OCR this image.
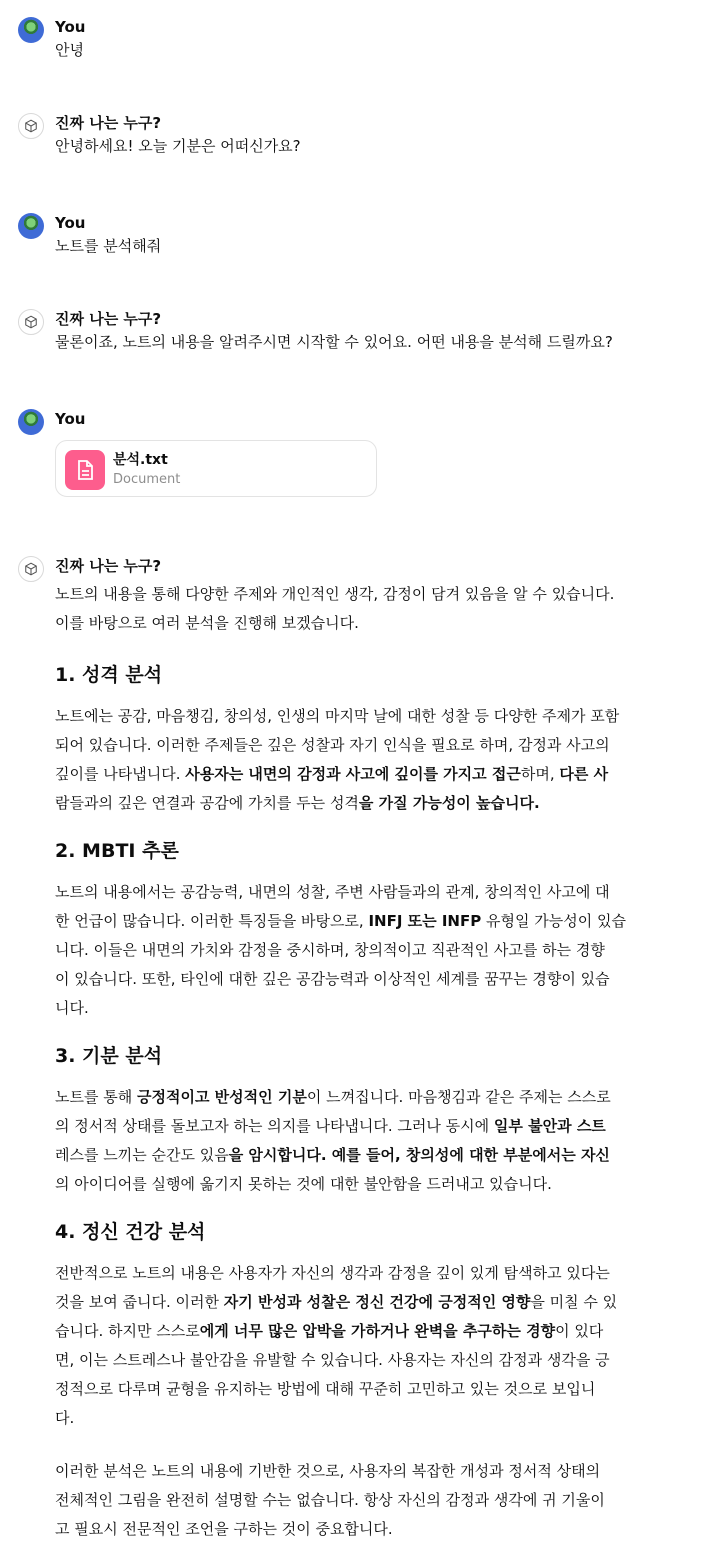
You
안녕
진짜 나는 누구?
안녕하세요! 오늘 기분은 어떠신가요?
You
노트를 분석해줘
진짜 나는 누구?
물론이죠, 노트의 내용을 알려주시면 시작할 수 있어요. 어떤 내용을 분석해 드릴까요?
You
분석.txt
Document
진짜 나는 누구?

노트의 내용을 통해 다양한 주제와 개인적인 생각, 감정이 담겨 있음을 알 수 있습니다.

이를 바탕으로 여러 분석을 진행해 보겠습니다.

1. 성격 분석

노트에는 공감, 마음챙김, 창의성, 인생의 마지막 날에 대한 성찰 등 다양한 주제가 포함

되어 있습니다. 이러한 주제들은 깊은 성찰과 자기 인식을 필요로 하며, 감정과 사고의

깊이를 나타냅니다. 사용자는 내면의 감정과 사고에 깊이를 가지고 접근하며, 다른 사

람들과의 깊은 연결과 공감에 가치를 두는 성격을 가질 가능성이 높습니다.

2. MBTI 추론

노트의 내용에서는 공감능력, 내면의 성찰, 주변 사람들과의 관계, 창의적인 사고에 대

한 언급이 많습니다. 이러한 특징들을 바탕으로, INFJ 또는 INFP 유형일 가능성이 있습

니다. 이들은 내면의 가치와 감정을 중시하며, 창의적이고 직관적인 사고를 하는 경향

이 있습니다. 또한, 타인에 대한 깊은 공감능력과 이상적인 세계를 꿈꾸는 경향이 있습

니다.

3. 기분 분석

노트를 통해 긍정적이고 반성적인 기분이 느껴집니다. 마음챙김과 같은 주제는 스스로

의 정서적 상태를 돌보고자 하는 의지를 나타냅니다. 그러나 동시에 일부 불안과 스트

레스를 느끼는 순간도 있음을 암시합니다. 예를 들어, 창의성에 대한 부분에서는 자신

의 아이디어를 실행에 옮기지 못하는 것에 대한 불안함을 드러내고 있습니다.

4. 정신 건강 분석

전반적으로 노트의 내용은 사용자가 자신의 생각과 감정을 깊이 있게 탐색하고 있다는

것을 보여 줍니다. 이러한 자기 반성과 성찰은 정신 건강에 긍정적인 영향을 미칠 수 있

습니다. 하지만 스스로에게 너무 많은 압박을 가하거나 완벽을 추구하는 경향이 있다

면, 이는 스트레스나 불안감을 유발할 수 있습니다. 사용자는 자신의 감정과 생각을 긍

정적으로 다루며 균형을 유지하는 방법에 대해 꾸준히 고민하고 있는 것으로 보입니

다.

이러한 분석은 노트의 내용에 기반한 것으로, 사용자의 복잡한 개성과 정서적 상태의

전체적인 그림을 완전히 설명할 수는 없습니다. 항상 자신의 감정과 생각에 귀 기울이

고 필요시 전문적인 조언을 구하는 것이 중요합니다.
